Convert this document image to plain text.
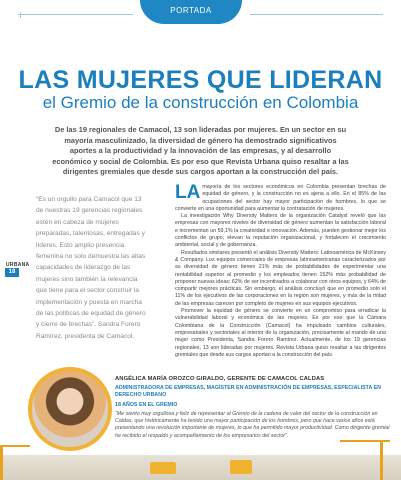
PORTADA
LAS MUJERES QUE LIDERAN
el Gremio de la construcción en Colombia
De las 19 regionales de Camacol, 13 son lideradas por mujeres. En un sector en su mayoría masculinizado, la diversidad de género ha demostrado significativos aportes a la productividad y la innovación de las empresas, y al desarrollo económico y social de Colombia. Es por eso que Revista Urbana quiso resaltar a las dirigentes gremiales que desde sus cargos aportan a la construcción del país.
“Es un orgullo para Camacol que 13 de nuestras 19 gerencias regionales estén en cabeza de mujeres preparadas, talentosas, entregadas y líderes. Esto amplio presencia femenina no solo demuestra las altas capacidades de liderazgo de las mujeres sino también la relevancia que tiene para el sector construir la implementación y puesta en marcha de las políticas de equidad de género y cierre de brechas”. Sandra Forero Ramírez, presidenta de Camacol.
URBANA
18

LA mayoría de los sectores económicos en Colombia presentan brechas de equidad de género, y la construcción no es ajena a ello. En el 85% de las ocupaciones del sector hay mayor participación de hombres, lo que se convierte en una oportunidad para aumentar la contratación de mujeres.

La investigación Why Diversity Matters de la organización Catalyst reveló que las empresas con mayores niveles de diversidad de género aumentan la satisfacción laboral e incrementan un 59,1% la creatividad e innovación. Además, pueden gestionar mejor los conflictos de grupo, elevan la reputación organizacional, y fortalecen el crecimiento ambiental, social y de gobernanza.

Resultados similares presentó el análisis Diversity Matters: Latinoamérica de McKinsey & Company. Los equipos comerciales de empresas latinoamericanas caracterizados por su diversidad de género tienen 21% más de probabilidades de experimentar una rentabilidad superior al promedio y los empleados tienen 152% más probabilidad de proponer nuevas ideas; 62% de ser incentivados a colaborar con otros equipos, y 64% de compartir mejores prácticas. Sin embargo, el análisis concluyó que en promedio solo el 11% de los ejecutivos de las corporaciones en la región son mujeres, y más de la mitad de las empresas carecen por completo de mujeres en sus equipos ejecutivos.

Promover la equidad de género se convierte en un compromiso para erradicar la vulnerabilidad laboral y económica de las mujeres. Es por eso que la Cámara Colombiana de la Construcción (Camacol) ha impulsado cambios culturales, empresariales y sectoriales al interior de la organización, precisamente al mando de una mujer como Presidenta, Sandra Forero Ramírez. Actualmente, de los 19 gerencias regionales, 13 son lideradas por mujeres. Revista Urbana quiso resaltar a las dirigentes gremiales que desde sus cargos aportan a la construcción del país.

ANGÉLICA MARÍA OROZCO GIRALDO, GERENTE DE CAMACOL CALDAS
ADMINISTRADORA DE EMPRESAS, MAGÍSTER EN ADMINISTRACIÓN DE EMPRESAS, ESPECIALISTA EN DERECHO URBANO
18 AÑOS EN EL GREMIO
“Me siento muy orgullosa y feliz de representar al Gremio de la cadena de valor del sector de la construcción en Caldas, que históricamente ha tenido una mayor participación de los hombres, pero que hace varios años está presentando una revolución importante de mujeres, lo que ha permitido mayor productividad. Como dirigente gremial he recibido el respaldo y acompañamiento de los empresarios del sector”.
